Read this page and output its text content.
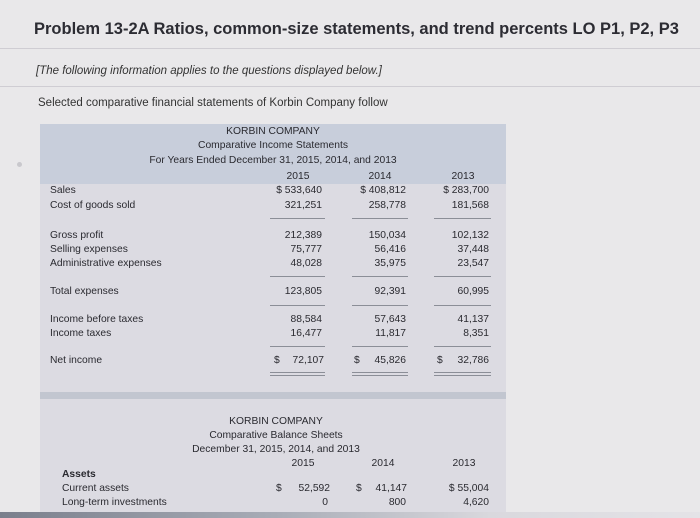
Problem 13-2A Ratios, common-size statements, and trend percents LO P1, P2, P3
[The following information applies to the questions displayed below.]
Selected comparative financial statements of Korbin Company follow
KORBIN COMPANY
Comparative Income Statements
For Years Ended December 31, 2015, 2014, and 2013
2015	2014	2013
Sales	$ 533,640	$ 408,812	$ 283,700
Cost of goods sold	321,251	258,778	181,568
Gross profit	212,389	150,034	102,132
Selling expenses	75,777	56,416	37,448
Administrative expenses	48,028	35,975	23,547
Total expenses	123,805	92,391	60,995
Income before taxes	88,584	57,643	41,137
Income taxes	16,477	11,817	8,351
Net income	$ 72,107	$ 45,826	$ 32,786
KORBIN COMPANY
Comparative Balance Sheets
December 31, 2015, 2014, and 2013
2015	2014	2013
Assets
Current assets	$ 52,592	$ 41,147	$ 55,004
Long-term investments	0	800	4,620
